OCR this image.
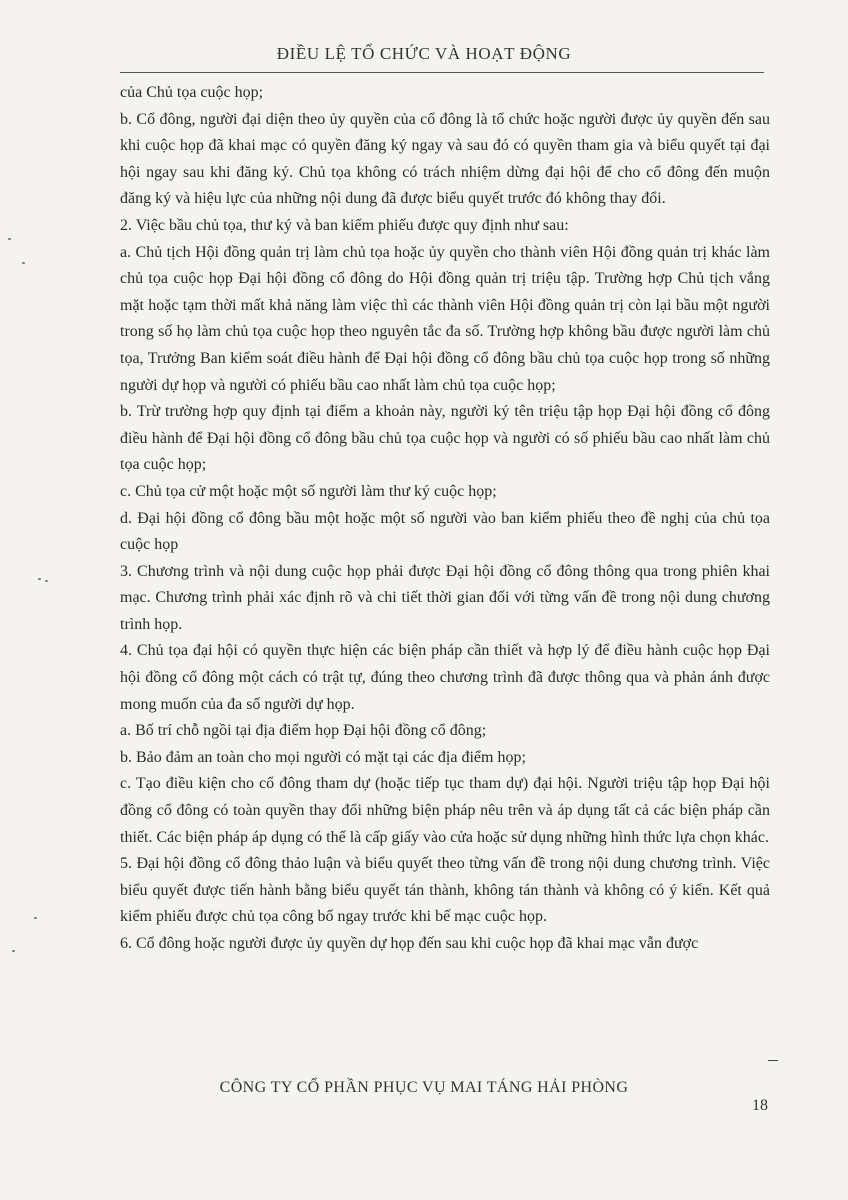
ĐIỀU LỆ TỔ CHỨC VÀ HOẠT ĐỘNG

của Chủ tọa cuộc họp;

b. Cổ đông, người đại diện theo ủy quyền của cổ đông là tổ chức hoặc người được ủy quyền đến sau khi cuộc họp đã khai mạc có quyền đăng ký ngay và sau đó có quyền tham gia và biểu quyết tại đại hội ngay sau khi đăng ký. Chủ tọa không có trách nhiệm dừng đại hội để cho cổ đông đến muộn đăng ký và hiệu lực của những nội dung đã được biểu quyết trước đó không thay đổi.

2. Việc bầu chủ tọa, thư ký và ban kiểm phiếu được quy định như sau:

a. Chủ tịch Hội đồng quản trị làm chủ tọa hoặc ủy quyền cho thành viên Hội đồng quản trị khác làm chủ tọa cuộc họp Đại hội đồng cổ đông do Hội đồng quản trị triệu tập. Trường hợp Chủ tịch vắng mặt hoặc tạm thời mất khả năng làm việc thì các thành viên Hội đồng quản trị còn lại bầu một người trong số họ làm chủ tọa cuộc họp theo nguyên tắc đa số. Trường hợp không bầu được người làm chủ tọa, Trưởng Ban kiểm soát điều hành để Đại hội đồng cổ đông bầu chủ tọa cuộc họp trong số những người dự họp và người có phiếu bầu cao nhất làm chủ tọa cuộc họp;

b. Trừ trường hợp quy định tại điểm a khoản này, người ký tên triệu tập họp Đại hội đồng cổ đông điều hành để Đại hội đồng cổ đông bầu chủ tọa cuộc họp và người có số phiếu bầu cao nhất làm chủ tọa cuộc họp;

c. Chủ tọa cử một hoặc một số người làm thư ký cuộc họp;

d. Đại hội đồng cổ đông bầu một hoặc một số người vào ban kiểm phiếu theo đề nghị của chủ tọa cuộc họp

3. Chương trình và nội dung cuộc họp phải được Đại hội đồng cổ đông thông qua trong phiên khai mạc. Chương trình phải xác định rõ và chi tiết thời gian đối với từng vấn đề trong nội dung chương trình họp.

4. Chủ tọa đại hội có quyền thực hiện các biện pháp cần thiết và hợp lý để điều hành cuộc họp Đại hội đồng cổ đông một cách có trật tự, đúng theo chương trình đã được thông qua và phản ánh được mong muốn của đa số người dự họp.

a. Bố trí chỗ ngồi tại địa điểm họp Đại hội đồng cổ đông;

b. Bảo đảm an toàn cho mọi người có mặt tại các địa điểm họp;

c. Tạo điều kiện cho cổ đông tham dự (hoặc tiếp tục tham dự) đại hội. Người triệu tập họp Đại hội đồng cổ đông có toàn quyền thay đổi những biện pháp nêu trên và áp dụng tất cả các biện pháp cần thiết. Các biện pháp áp dụng có thể là cấp giấy vào cửa hoặc sử dụng những hình thức lựa chọn khác.

5. Đại hội đồng cổ đông thảo luận và biểu quyết theo từng vấn đề trong nội dung chương trình. Việc biểu quyết được tiến hành bằng biểu quyết tán thành, không tán thành và không có ý kiến. Kết quả kiểm phiếu được chủ tọa công bố ngay trước khi bế mạc cuộc họp.

6. Cổ đông hoặc người được ủy quyền dự họp đến sau khi cuộc họp đã khai mạc vẫn được

CÔNG TY CỔ PHẦN PHỤC VỤ MAI TÁNG HẢI PHÒNG
18
